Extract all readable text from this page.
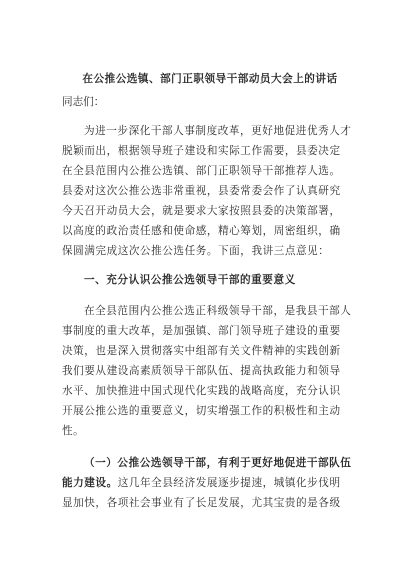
在公推公选镇、部门正职领导干部动员大会上的讲话
同志们：
为进一步深化干部人事制度改革，更好地促进优秀人才
脱颖而出，根据领导班子建设和实际工作需要，县委决定
在全县范围内公推公选镇、部门正职领导干部推荐人选。
县委对这次公推公选非常重视，县委常委会作了认真研究
今天召开动员大会，就是要求大家按照县委的决策部署，
以高度的政治责任感和使命感，精心筹划，周密组织，确
保圆满完成这次公推公选任务。下面，我讲三点意见：
一、充分认识公推公选领导干部的重要意义
在全县范围内公推公选正科级领导干部，是我县干部人
事制度的重大改革，是加强镇、部门领导班子建设的重要
决策，也是深入贯彻落实中组部有关文件精神的实践创新
我们要从建设高素质领导干部队伍、提高执政能力和领导
水平、加快推进中国式现代化实践的战略高度，充分认识
开展公推公选的重要意义，切实增强工作的积极性和主动
性。
（一）公推公选领导干部，有利于更好地促进干部队伍
能力建设。这几年全县经济发展逐步提速，城镇化步伐明
显加快，各项社会事业有了长足发展，尤其宝贵的是各级
